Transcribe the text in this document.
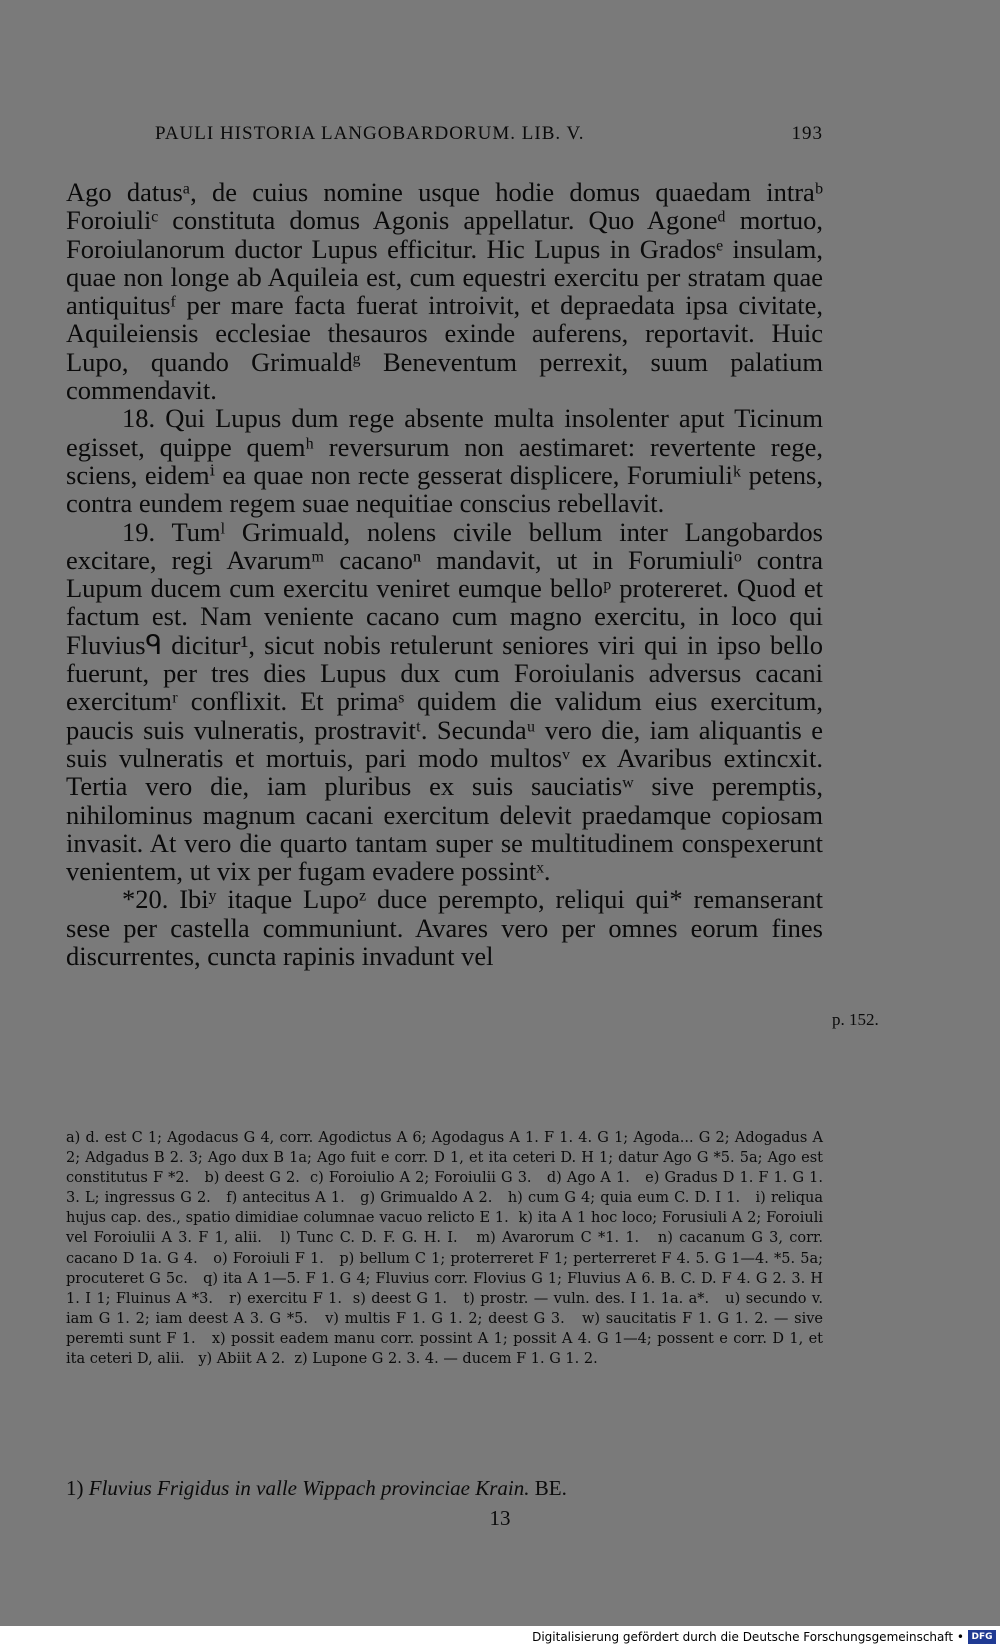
PAULI HISTORIA LANGOBARDORUM. LIB. V.	193

Ago datusᵃ, de cuius nomine usque hodie domus quaedam intraᵇ Foroiuliᶜ constituta domus Agonis appellatur. Quo Agoneᵈ mortuo, Foroiulanorum ductor Lupus efficitur. Hic Lupus in Gradosᵉ insulam, quae non longe ab Aquileia est, cum equestri exercitu per stratam quae antiquitusᶠ per mare facta fuerat introivit, et depraedata ipsa civitate, Aquileiensis ecclesiae thesauros exinde auferens, reportavit. Huic Lupo, quando Grimualdᵍ Beneventum perrexit, suum palatium commendavit.

18. Qui Lupus dum rege absente multa insolenter aput Ticinum egisset, quippe quemʰ reversurum non aestimaret: revertente rege, sciens, eidemⁱ ea quae non recte gesserat displicere, Forumiuliᵏ petens, contra eundem regem suae nequitiae conscius rebellavit.

19. Tumˡ Grimuald, nolens civile bellum inter Langobardos excitare, regi Avarumᵐ cacanoⁿ mandavit, ut in Forumiuliᵒ contra Lupum ducem cum exercitu veniret eumque belloᵖ protereret. Quod et factum est. Nam veniente cacano cum magno exercitu, in loco qui Fluviusᑫ dicitur¹, sicut nobis retulerunt seniores viri qui in ipso bello fuerunt, per tres dies Lupus dux cum Foroiulanis adversus cacani exercitumʳ conflixit. Et primaˢ quidem die validum eius exercitum, paucis suis vulneratis, prostravitᵗ. Secundaᵘ vero die, iam aliquantis e suis vulneratis et mortuis, pari modo multosᵛ ex Avaribus extincxit. Tertia vero die, iam pluribus ex suis sauciatisʷ sive peremptis, nihilominus magnum cacani exercitum delevit praedamque copiosam invasit. At vero die quarto tantam super se multitudinem conspexerunt venientem, ut vix per fugam evadere possintˣ.

*20. Ibiʸ itaque Lupoᶻ duce perempto, reliqui qui* remanserant sese per castella communiunt. Avares vero per omnes eorum fines discurrentes, cuncta rapinis invadunt vel

p. 152.
a) d. est C 1; Agodacus G 4, corr. Agodictus A 6; Agodagus A 1. F 1. 4. G 1; Agoda... G 2; Adogadus A 2; Adgadus B 2. 3; Ago dux B 1a; Ago fuit e corr. D 1, et ita ceteri D. H 1; datur Ago G *5. 5a; Ago est constitutus F *2.   b) deest G 2.  c) Foroiulio A 2; Foroiulii G 3.   d) Ago A 1.   e) Gradus D 1. F 1. G 1. 3. L; ingressus G 2.   f) antecitus A 1.   g) Grimualdo A 2.   h) cum G 4; quia eum C. D. I 1.   i) reliqua hujus cap. des., spatio dimidiae columnae vacuo relicto E 1.  k) ita A 1 hoc loco; Forusiuli A 2; Foroiuli vel Foroiulii A 3. F 1, alii.   l) Tunc C. D. F. G. H. I.   m) Avarorum C *1. 1.   n) cacanum G 3, corr. cacano D 1a. G 4.   o) Foroiuli F 1.   p) bellum C 1; proterreret F 1; perterreret F 4. 5. G 1—4. *5. 5a; procuteret G 5c.   q) ita A 1—5. F 1. G 4; Fluvius corr. Flovius G 1; Fluvius A 6. B. C. D. F 4. G 2. 3. H 1. I 1; Fluinus A *3.   r) exercitu F 1.  s) deest G 1.   t) prostr. — vuln. des. I 1. 1a. a*.   u) secundo v. iam G 1. 2; iam deest A 3. G *5.   v) multis F 1. G 1. 2; deest G 3.   w) saucitatis F 1. G 1. 2. — sive peremti sunt F 1.   x) possit eadem manu corr. possint A 1; possit A 4. G 1—4; possent e corr. D 1, et ita ceteri D, alii.   y) Abiit A 2.  z) Lupone G 2. 3. 4. — ducem F 1. G 1. 2.
1) Fluvius Frigidus in valle Wippach provinciae Krain. BE.
13
Digitalisierung gefördert durch die Deutsche Forschungsgemeinschaft • DFG
